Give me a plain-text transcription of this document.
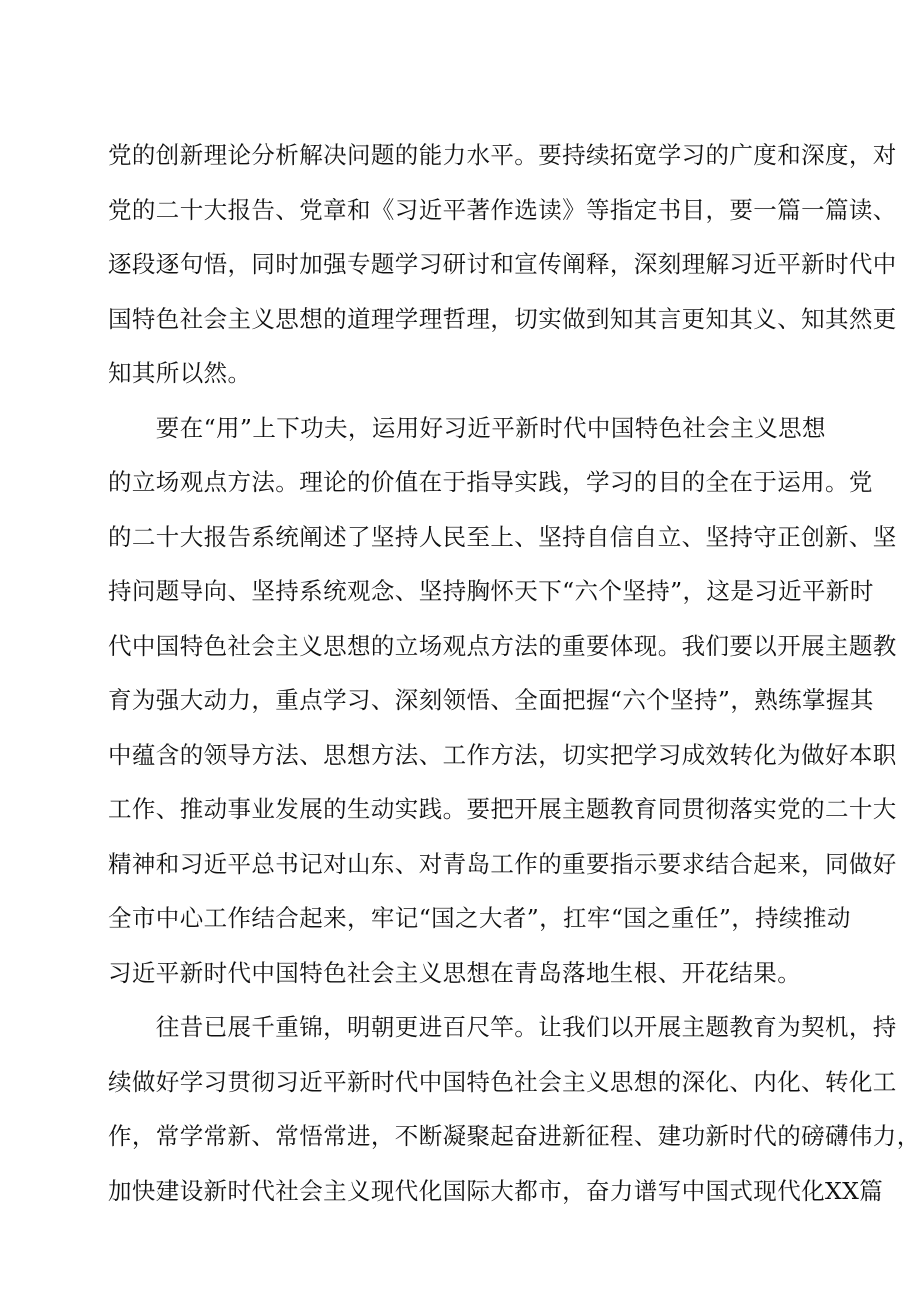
党的创新理论分析解决问题的能力水平。要持续拓宽学习的广度和深度，对
党的二十大报告、党章和《习近平著作选读》等指定书目，要一篇一篇读、
逐段逐句悟，同时加强专题学习研讨和宣传阐释，深刻理解习近平新时代中
国特色社会主义思想的道理学理哲理，切实做到知其言更知其义、知其然更
知其所以然。
　　要在“用”上下功夫，运用好习近平新时代中国特色社会主义思想
的立场观点方法。理论的价值在于指导实践，学习的目的全在于运用。党
的二十大报告系统阐述了坚持人民至上、坚持自信自立、坚持守正创新、坚
持问题导向、坚持系统观念、坚持胸怀天下“六个坚持”，这是习近平新时
代中国特色社会主义思想的立场观点方法的重要体现。我们要以开展主题教
育为强大动力，重点学习、深刻领悟、全面把握“六个坚持”，熟练掌握其
中蕴含的领导方法、思想方法、工作方法，切实把学习成效转化为做好本职
工作、推动事业发展的生动实践。要把开展主题教育同贯彻落实党的二十大
精神和习近平总书记对山东、对青岛工作的重要指示要求结合起来，同做好
全市中心工作结合起来，牢记“国之大者”，扛牢“国之重任”，持续推动
习近平新时代中国特色社会主义思想在青岛落地生根、开花结果。
　　往昔已展千重锦，明朝更进百尺竿。让我们以开展主题教育为契机，持
续做好学习贯彻习近平新时代中国特色社会主义思想的深化、内化、转化工
作，常学常新、常悟常进，不断凝聚起奋进新征程、建功新时代的磅礴伟力，
加快建设新时代社会主义现代化国际大都市，奋力谱写中国式现代化XX篇
